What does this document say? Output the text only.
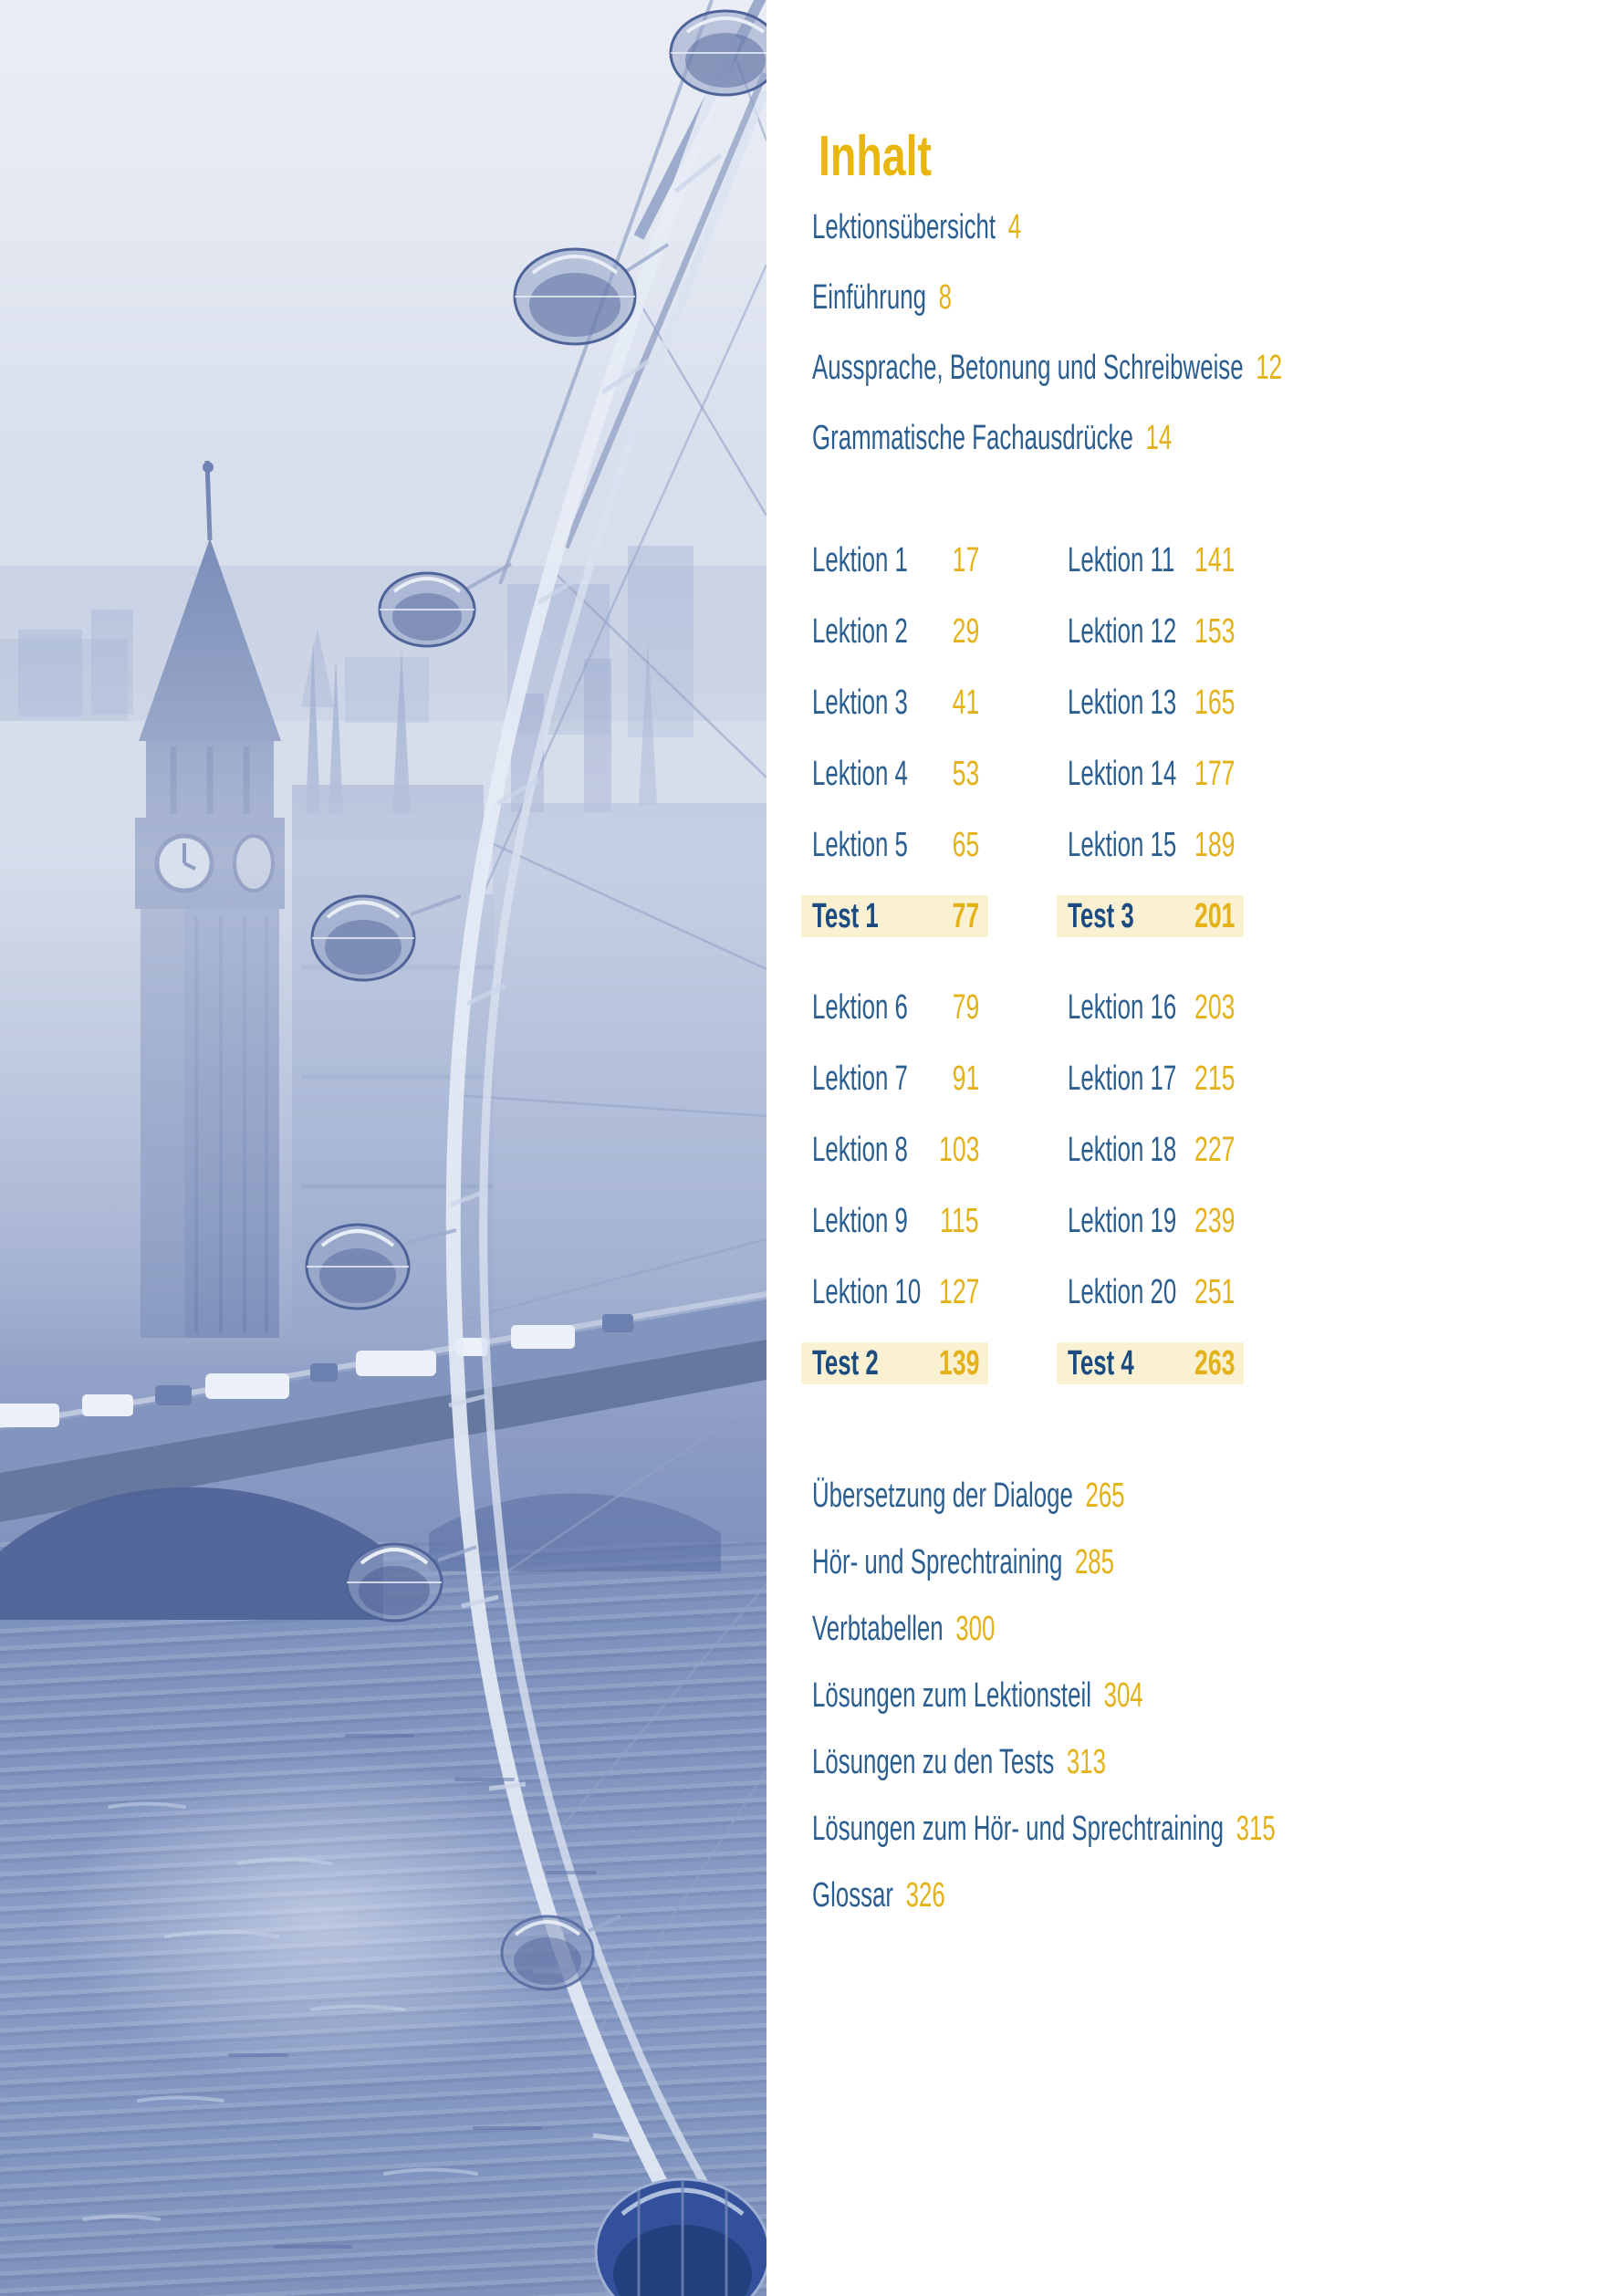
Inhalt
Lektionsübersicht 4
Einführung 8
Aussprache, Betonung und Schreibweise 12
Grammatische Fachausdrücke 14
Lektion 1 17
Lektion 2 29
Lektion 3 41
Lektion 4 53
Lektion 5 65
Test 1 77
Lektion 11 141
Lektion 12 153
Lektion 13 165
Lektion 14 177
Lektion 15 189
Test 3 201
Lektion 6 79
Lektion 7 91
Lektion 8 103
Lektion 9 115
Lektion 10 127
Test 2 139
Lektion 16 203
Lektion 17 215
Lektion 18 227
Lektion 19 239
Lektion 20 251
Test 4 263
Übersetzung der Dialoge 265
Hör- und Sprechtraining 285
Verbtabellen 300
Lösungen zum Lektionsteil 304
Lösungen zu den Tests 313
Lösungen zum Hör- und Sprechtraining 315
Glossar 326
